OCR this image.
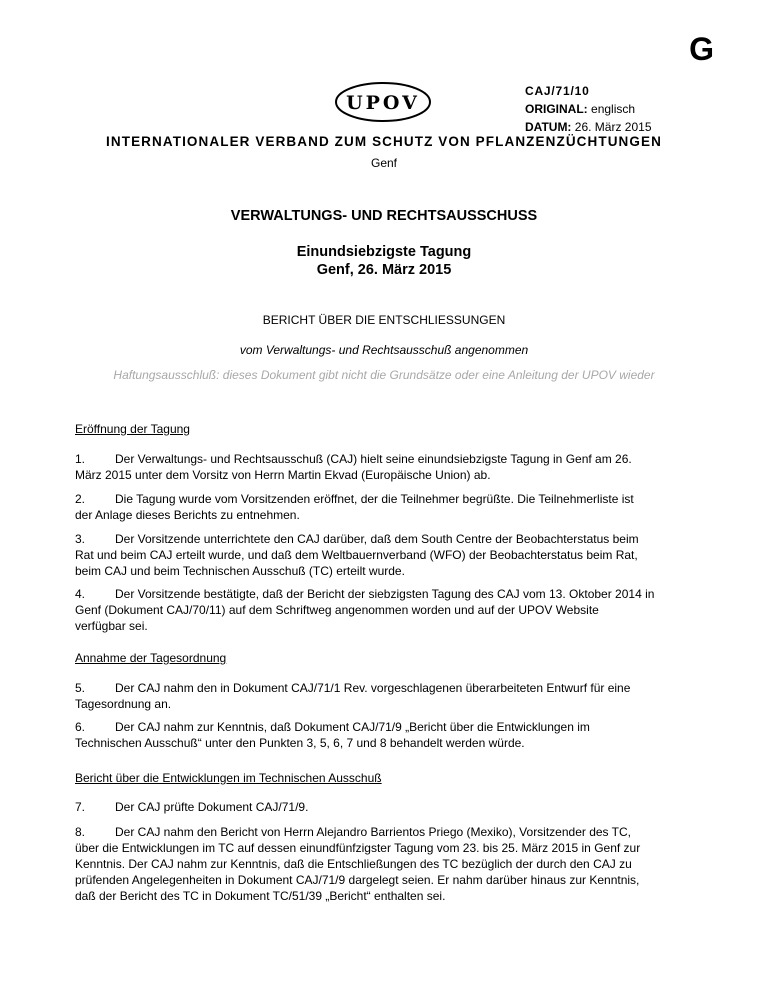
G
UPOV
CAJ/71/10
ORIGINAL: englisch
DATUM: 26. März 2015
INTERNATIONALER VERBAND ZUM SCHUTZ VON PFLANZENZÜCHTUNGEN
Genf
VERWALTUNGS- UND RECHTSAUSSCHUSS
Einundsiebzigste Tagung
Genf, 26. März 2015
BERICHT ÜBER DIE ENTSCHLIESSUNGEN
vom Verwaltungs- und Rechtsausschuß angenommen
Haftungsausschluß: dieses Dokument gibt nicht die Grundsätze oder eine Anleitung der UPOV wieder
Eröffnung der Tagung
1. Der Verwaltungs- und Rechtsausschuß (CAJ) hielt seine einundsiebzigste Tagung in Genf am 26.
März 2015 unter dem Vorsitz von Herrn Martin Ekvad (Europäische Union) ab.
2. Die Tagung wurde vom Vorsitzenden eröffnet, der die Teilnehmer begrüßte. Die Teilnehmerliste ist
der Anlage dieses Berichts zu entnehmen.
3. Der Vorsitzende unterrichtete den CAJ darüber, daß dem South Centre der Beobachterstatus beim
Rat und beim CAJ erteilt wurde, und daß dem Weltbauernverband (WFO) der Beobachterstatus beim Rat,
beim CAJ und beim Technischen Ausschuß (TC) erteilt wurde.
4. Der Vorsitzende bestätigte, daß der Bericht der siebzigsten Tagung des CAJ vom 13. Oktober 2014 in
Genf (Dokument CAJ/70/11) auf dem Schriftweg angenommen worden und auf der UPOV Website
verfügbar sei.
Annahme der Tagesordnung
5. Der CAJ nahm den in Dokument CAJ/71/1 Rev. vorgeschlagenen überarbeiteten Entwurf für eine
Tagesordnung an.
6. Der CAJ nahm zur Kenntnis, daß Dokument CAJ/71/9 „Bericht über die Entwicklungen im
Technischen Ausschuß“ unter den Punkten 3, 5, 6, 7 und 8 behandelt werden würde.
Bericht über die Entwicklungen im Technischen Ausschuß
7. Der CAJ prüfte Dokument CAJ/71/9.
8. Der CAJ nahm den Bericht von Herrn Alejandro Barrientos Priego (Mexiko), Vorsitzender des TC,
über die Entwicklungen im TC auf dessen einundfünfzigster Tagung vom 23. bis 25. März 2015 in Genf zur
Kenntnis. Der CAJ nahm zur Kenntnis, daß die Entschließungen des TC bezüglich der durch den CAJ zu
prüfenden Angelegenheiten in Dokument CAJ/71/9 dargelegt seien. Er nahm darüber hinaus zur Kenntnis,
daß der Bericht des TC in Dokument TC/51/39 „Bericht“ enthalten sei.
